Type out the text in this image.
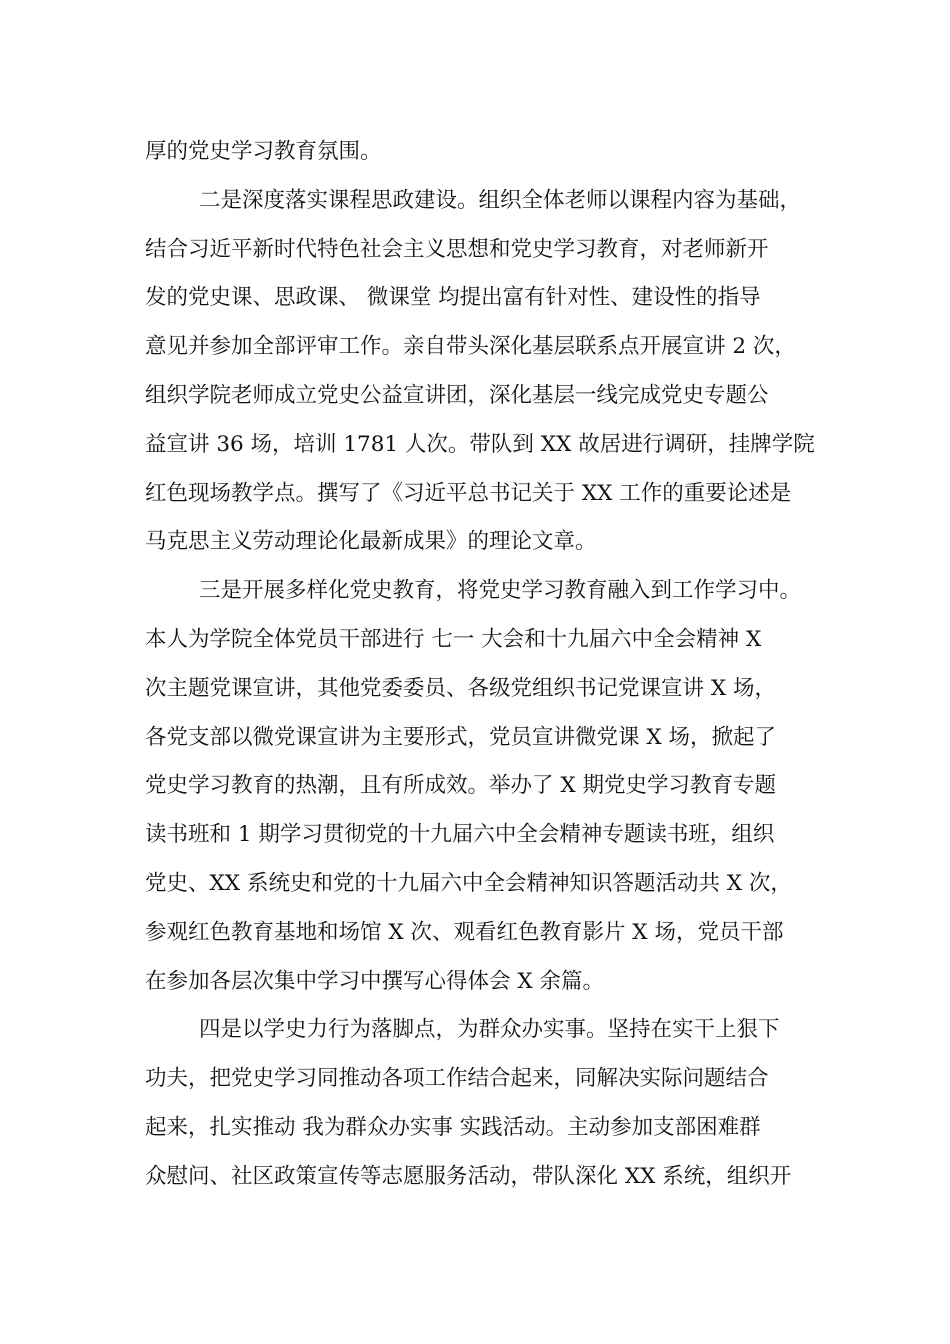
厚的党史学习教育氛围。
二是深度落实课程思政建设。组织全体老师以课程内容为基础，
结合习近平新时代特色社会主义思想和党史学习教育，对老师新开
发的党史课、思政课、 微课堂 均提出富有针对性、建设性的指导
意见并参加全部评审工作。亲自带头深化基层联系点开展宣讲 2 次，
组织学院老师成立党史公益宣讲团，深化基层一线完成党史专题公
益宣讲 36 场，培训 1781 人次。带队到 XX 故居进行调研，挂牌学院
红色现场教学点。撰写了《习近平总书记关于 XX 工作的重要论述是
马克思主义劳动理论化最新成果》的理论文章。
三是开展多样化党史教育，将党史学习教育融入到工作学习中。
本人为学院全体党员干部进行 七一 大会和十九届六中全会精神 X
次主题党课宣讲，其他党委委员、各级党组织书记党课宣讲 X 场，
各党支部以微党课宣讲为主要形式，党员宣讲微党课 X 场，掀起了
党史学习教育的热潮，且有所成效。举办了 X 期党史学习教育专题
读书班和 1 期学习贯彻党的十九届六中全会精神专题读书班，组织
党史、XX 系统史和党的十九届六中全会精神知识答题活动共 X 次，
参观红色教育基地和场馆 X 次、观看红色教育影片 X 场，党员干部
在参加各层次集中学习中撰写心得体会 X 余篇。
四是以学史力行为落脚点，为群众办实事。坚持在实干上狠下
功夫，把党史学习同推动各项工作结合起来，同解决实际问题结合
起来，扎实推动 我为群众办实事 实践活动。主动参加支部困难群
众慰问、社区政策宣传等志愿服务活动，带队深化 XX 系统，组织开
